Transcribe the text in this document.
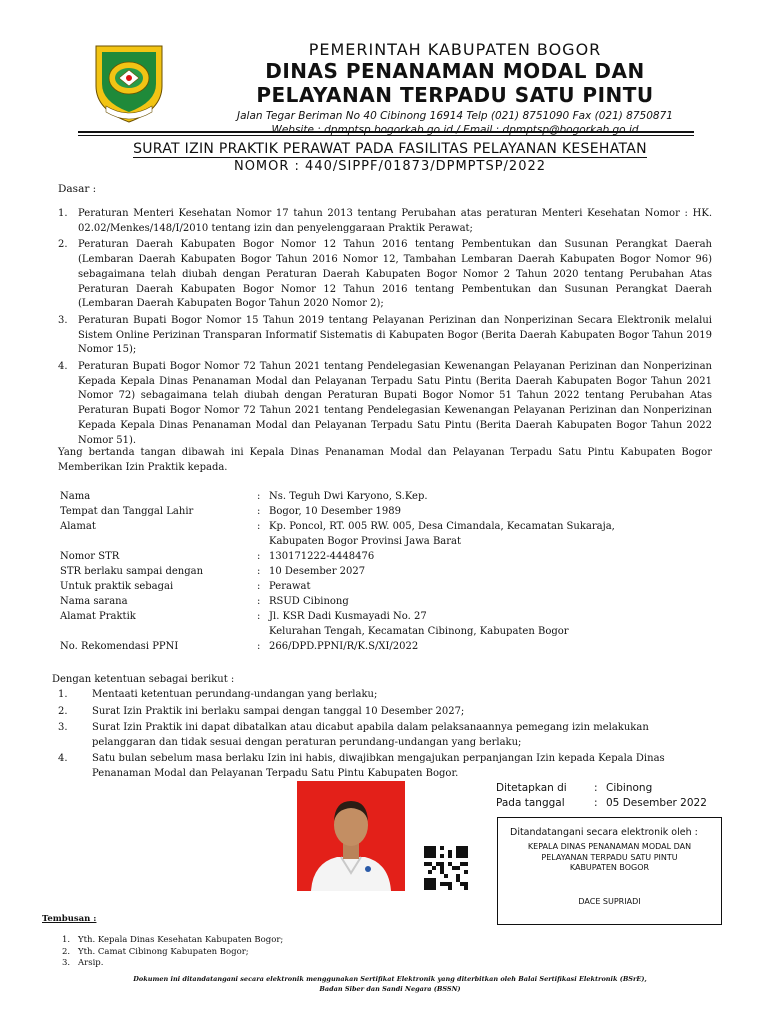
PEMERINTAH KABUPATEN BOGOR
DINAS PENANAMAN MODAL DAN
PELAYANAN TERPADU SATU PINTU
Jalan Tegar Beriman No 40 Cibinong 16914 Telp (021) 8751090 Fax (021) 8750871
Website : dpmptsp.bogorkab.go.id / Email : dpmptsp@bogorkab.go.id
SURAT IZIN PRAKTIK PERAWAT PADA FASILITAS PELAYANAN KESEHATAN
NOMOR : 440/SIPPF/01873/DPMPTSP/2022
Dasar :
1. Peraturan Menteri Kesehatan Nomor 17 tahun 2013 tentang Perubahan atas peraturan Menteri Kesehatan Nomor : HK. 02.02/Menkes/148/I/2010 tentang izin dan penyelenggaraan Praktik Perawat;
2. Peraturan Daerah Kabupaten Bogor Nomor 12 Tahun 2016 tentang Pembentukan dan Susunan Perangkat Daerah (Lembaran Daerah Kabupaten Bogor Tahun 2016 Nomor 12, Tambahan Lembaran Daerah Kabupaten Bogor Nomor 96) sebagaimana telah diubah dengan Peraturan Daerah Kabupaten Bogor Nomor 2 Tahun 2020 tentang Perubahan Atas Peraturan Daerah Kabupaten Bogor Nomor 12 Tahun 2016 tentang Pembentukan dan Susunan Perangkat Daerah (Lembaran Daerah Kabupaten Bogor Tahun 2020 Nomor 2);
3. Peraturan Bupati Bogor Nomor 15 Tahun 2019 tentang Pelayanan Perizinan dan Nonperizinan Secara Elektronik melalui Sistem Online Perizinan Transparan Informatif Sistematis di Kabupaten Bogor (Berita Daerah Kabupaten Bogor Tahun 2019 Nomor 15);
4. Peraturan Bupati Bogor Nomor 72 Tahun 2021 tentang Pendelegasian Kewenangan Pelayanan Perizinan dan Nonperizinan Kepada Kepala Dinas Penanaman Modal dan Pelayanan Terpadu Satu Pintu (Berita Daerah Kabupaten Bogor Tahun 2021 Nomor 72) sebagaimana telah diubah dengan Peraturan Bupati Bogor Nomor 51 Tahun 2022 tentang Perubahan Atas Peraturan Bupati Bogor Nomor 72 Tahun 2021 tentang Pendelegasian Kewenangan Pelayanan Perizinan dan Nonperizinan Kepada Kepala Dinas Penanaman Modal dan Pelayanan Terpadu Satu Pintu (Berita Daerah Kabupaten Bogor Tahun 2022 Nomor 51).
Yang bertanda tangan dibawah ini Kepala Dinas Penanaman Modal dan Pelayanan Terpadu Satu Pintu Kabupaten Bogor Memberikan Izin Praktik kepada.
Nama	: Ns. Teguh Dwi Karyono, S.Kep.
Tempat dan Tanggal Lahir	: Bogor, 10 Desember 1989
Alamat	: Kp. Poncol, RT. 005 RW. 005, Desa Cimandala, Kecamatan Sukaraja,
Kabupaten Bogor Provinsi Jawa Barat
Nomor STR	: 130171222-4448476
STR berlaku sampai dengan	: 10 Desember 2027
Untuk praktik sebagai	: Perawat
Nama sarana	: RSUD Cibinong
Alamat Praktik	: Jl. KSR Dadi Kusmayadi No. 27
Kelurahan Tengah, Kecamatan Cibinong, Kabupaten Bogor
No. Rekomendasi PPNI	: 266/DPD.PPNI/R/K.S/XI/2022
Dengan ketentuan sebagai berikut :
1. Mentaati ketentuan perundang-undangan yang berlaku;
2. Surat Izin Praktik ini berlaku sampai dengan tanggal 10 Desember 2027;
3. Surat Izin Praktik ini dapat dibatalkan atau dicabut apabila dalam pelaksanaannya pemegang izin melakukan pelanggaran dan tidak sesuai dengan peraturan perundang-undangan yang berlaku;
4. Satu bulan sebelum masa berlaku Izin ini habis, diwajibkan mengajukan perpanjangan Izin kepada Kepala Dinas Penanaman Modal dan Pelayanan Terpadu Satu Pintu Kabupaten Bogor.
Ditetapkan di	: Cibinong
Pada tanggal	: 05 Desember 2022
Ditandatangani secara elektronik oleh :
KEPALA DINAS PENANAMAN MODAL DAN
PELAYANAN TERPADU SATU PINTU
KABUPATEN BOGOR
DACE SUPRIADI
Tembusan :
1. Yth. Kepala Dinas Kesehatan Kabupaten Bogor;
2. Yth. Camat Cibinong Kabupaten Bogor;
3. Arsip.
Dokumen ini ditandatangani secara elektronik menggunakan Sertifikat Elektronik yang diterbitkan oleh Balai Sertifikasi Elektronik (BSrE),
Badan Siber dan Sandi Negara (BSSN)
